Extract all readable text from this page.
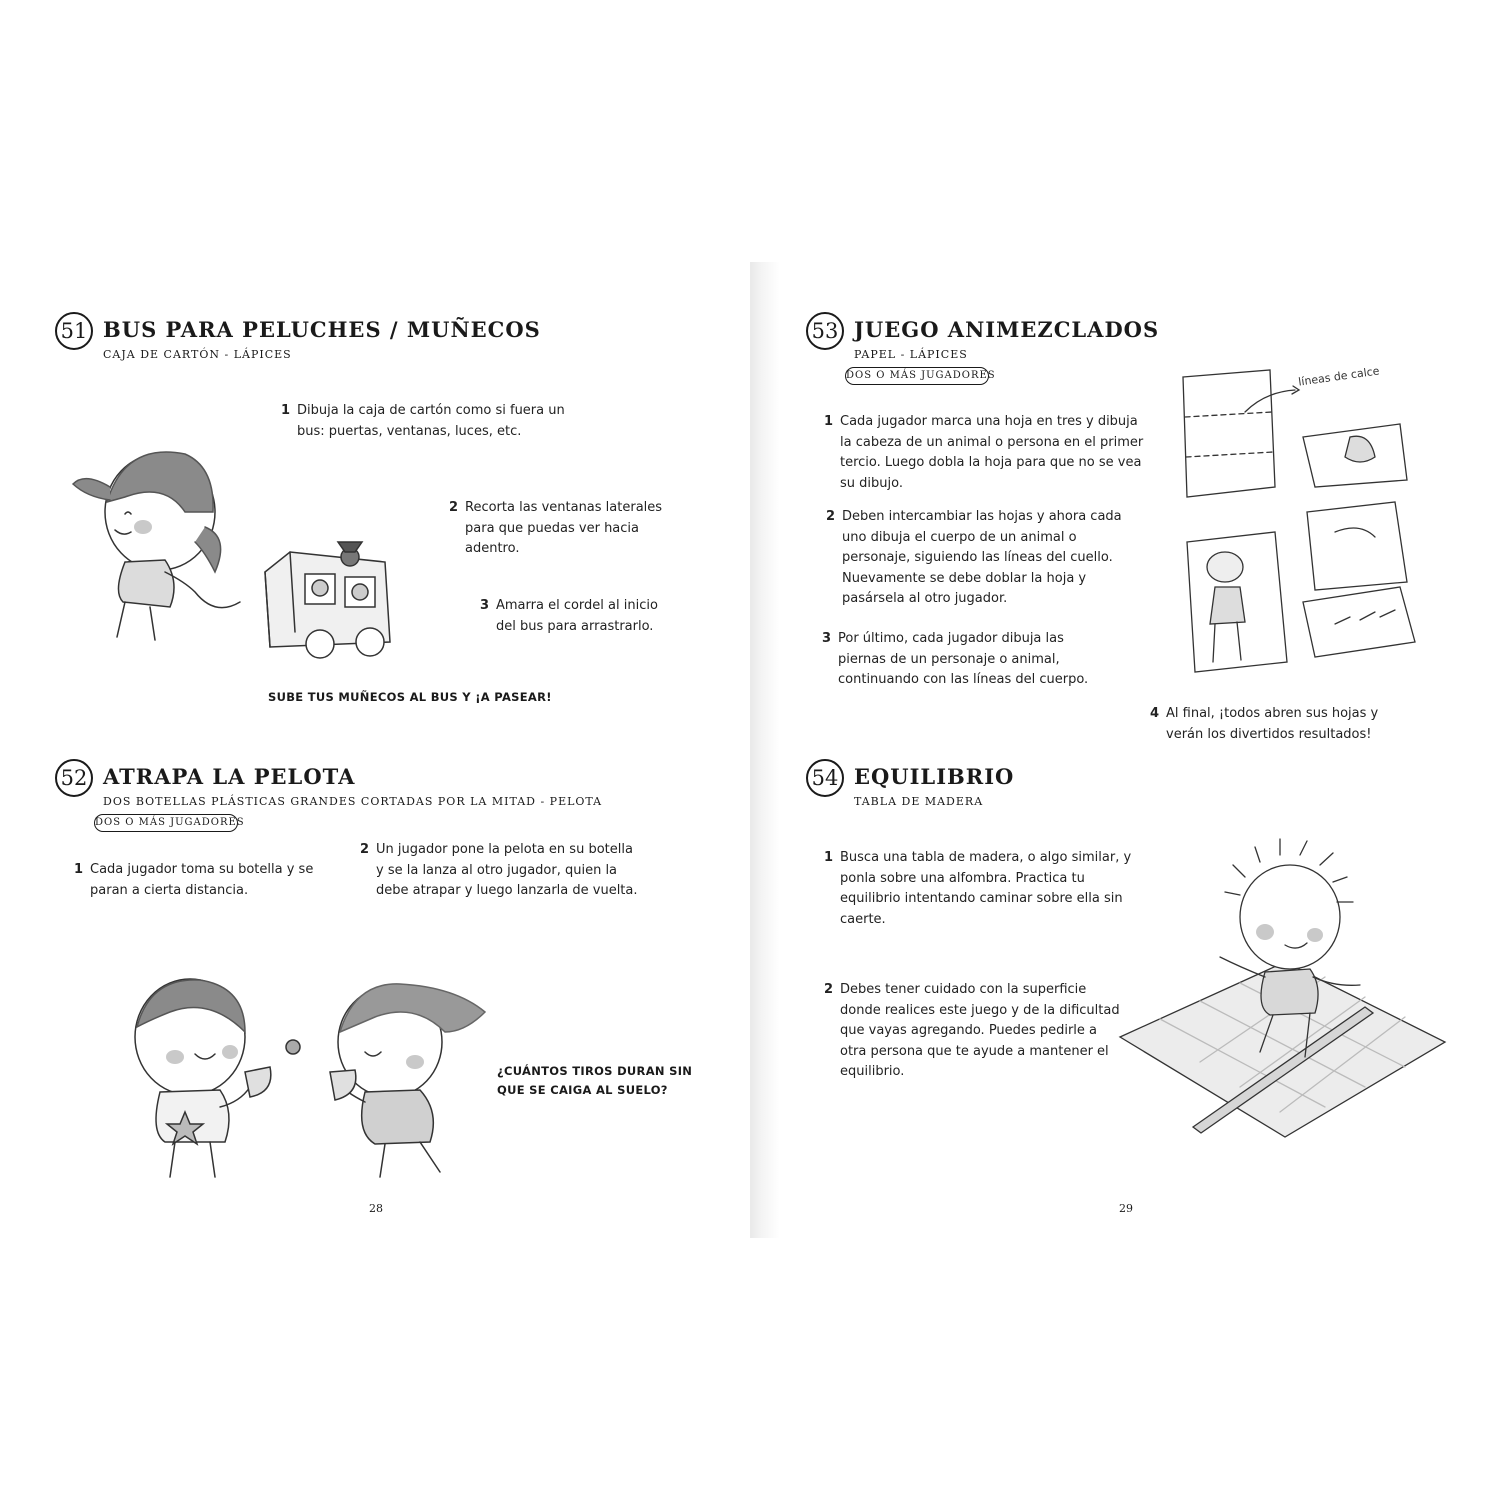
51 BUS PARA PELUCHES / MUÑECOS
CAJA DE CARTÓN - LÁPICES
1 Dibuja la caja de cartón como si fuera un bus: puertas, ventanas, luces, etc.
2 Recorta las ventanas laterales para que puedas ver hacia adentro.
3 Amarra el cordel al inicio del bus para arrastrarlo.
SUBE TUS MUÑECOS AL BUS Y ¡A PASEAR!
52 ATRAPA LA PELOTA
DOS BOTELLAS PLÁSTICAS GRANDES CORTADAS POR LA MITAD - PELOTA
DOS O MÁS JUGADORES
1 Cada jugador toma su botella y se paran a cierta distancia.
2 Un jugador pone la pelota en su botella y se la lanza al otro jugador, quien la debe atrapar y luego lanzarla de vuelta.
¿CUÁNTOS TIROS DURAN SIN QUE SE CAIGA AL SUELO?
28
53 JUEGO ANIMEZCLADOS
PAPEL - LÁPICES
DOS O MÁS JUGADORES
1 Cada jugador marca una hoja en tres y dibuja la cabeza de un animal o persona en el primer tercio. Luego dobla la hoja para que no se vea su dibujo.
2 Deben intercambiar las hojas y ahora cada uno dibuja el cuerpo de un animal o personaje, siguiendo las líneas del cuello. Nuevamente se debe doblar la hoja y pasársela al otro jugador.
3 Por último, cada jugador dibuja las piernas de un personaje o animal, continuando con las líneas del cuerpo.
líneas de calce
4 Al final, ¡todos abren sus hojas y verán los divertidos resultados!
54 EQUILIBRIO
TABLA DE MADERA
1 Busca una tabla de madera, o algo similar, y ponla sobre una alfombra. Practica tu equilibrio intentando caminar sobre ella sin caerte.
2 Debes tener cuidado con la superficie donde realices este juego y de la dificultad que vayas agregando. Puedes pedirle a otra persona que te ayude a mantener el equilibrio.
29
